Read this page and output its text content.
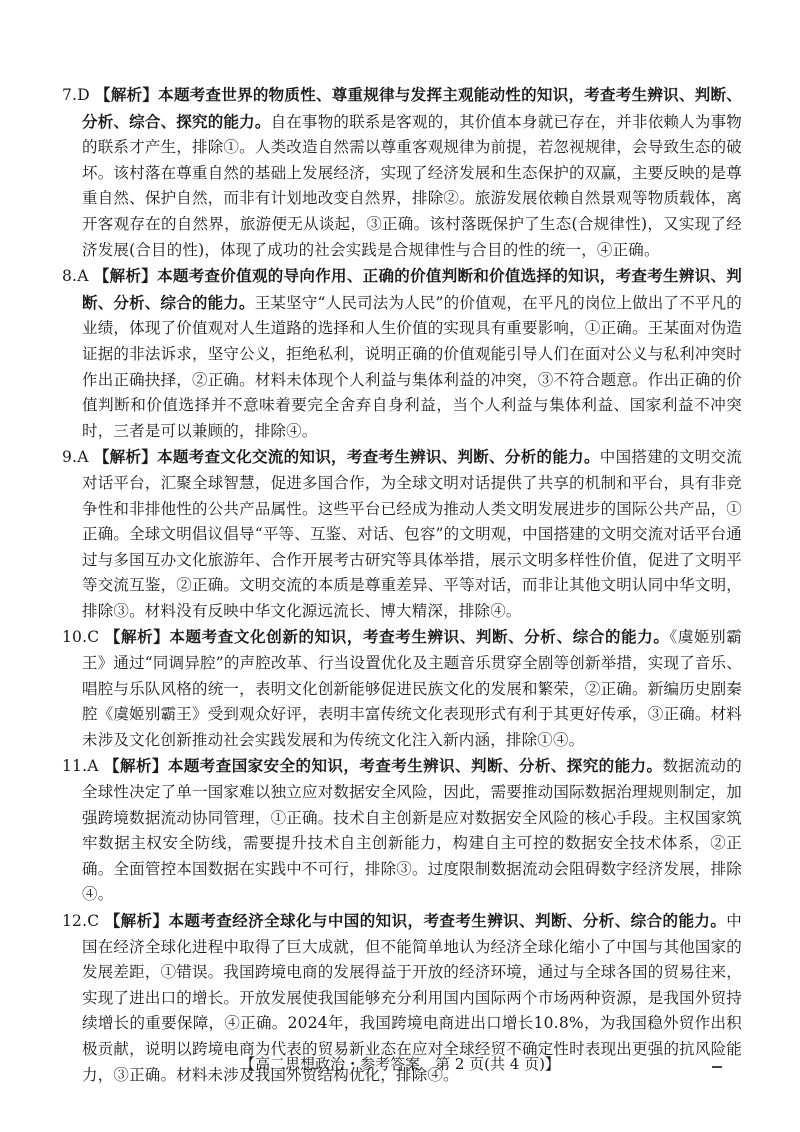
7.D 【解析】本题考查世界的物质性、尊重规律与发挥主观能动性的知识，考查考生辨识、判断、分析、综合、探究的能力。自在事物的联系是客观的，其价值本身就已存在，并非依赖人为事物的联系才产生，排除①。人类改造自然需以尊重客观规律为前提，若忽视规律，会导致生态的破坏。该村落在尊重自然的基础上发展经济，实现了经济发展和生态保护的双赢，主要反映的是尊重自然、保护自然，而非有计划地改变自然界，排除②。旅游发展依赖自然景观等物质载体，离开客观存在的自然界，旅游便无从谈起，③正确。该村落既保护了生态(合规律性)，又实现了经济发展(合目的性)，体现了成功的社会实践是合规律性与合目的性的统一，④正确。

8.A 【解析】本题考查价值观的导向作用、正确的价值判断和价值选择的知识，考查考生辨识、判断、分析、综合的能力。王某坚守“人民司法为人民”的价值观，在平凡的岗位上做出了不平凡的业绩，体现了价值观对人生道路的选择和人生价值的实现具有重要影响，①正确。王某面对伪造证据的非法诉求，坚守公义，拒绝私利，说明正确的价值观能引导人们在面对公义与私利冲突时作出正确抉择，②正确。材料未体现个人利益与集体利益的冲突，③不符合题意。作出正确的价值判断和价值选择并不意味着要完全舍弃自身利益，当个人利益与集体利益、国家利益不冲突时，三者是可以兼顾的，排除④。

9.A 【解析】本题考查文化交流的知识，考查考生辨识、判断、分析的能力。中国搭建的文明交流对话平台，汇聚全球智慧，促进多国合作，为全球文明对话提供了共享的机制和平台，具有非竞争性和非排他性的公共产品属性。这些平台已经成为推动人类文明发展进步的国际公共产品，①正确。全球文明倡议倡导“平等、互鉴、对话、包容”的文明观，中国搭建的文明交流对话平台通过与多国互办文化旅游年、合作开展考古研究等具体举措，展示文明多样性价值，促进了文明平等交流互鉴，②正确。文明交流的本质是尊重差异、平等对话，而非让其他文明认同中华文明，排除③。材料没有反映中华文化源远流长、博大精深，排除④。

10.C 【解析】本题考查文化创新的知识，考查考生辨识、判断、分析、综合的能力。《虞姬别霸王》通过“同调异腔”的声腔改革、行当设置优化及主题音乐贯穿全剧等创新举措，实现了音乐、唱腔与乐队风格的统一，表明文化创新能够促进民族文化的发展和繁荣，②正确。新编历史剧秦腔《虞姬别霸王》受到观众好评，表明丰富传统文化表现形式有利于其更好传承，③正确。材料未涉及文化创新推动社会实践发展和为传统文化注入新内涵，排除①④。

11.A 【解析】本题考查国家安全的知识，考查考生辨识、判断、分析、探究的能力。数据流动的全球性决定了单一国家难以独立应对数据安全风险，因此，需要推动国际数据治理规则制定，加强跨境数据流动协同管理，①正确。技术自主创新是应对数据安全风险的核心手段。主权国家筑牢数据主权安全防线，需要提升技术自主创新能力，构建自主可控的数据安全技术体系，②正确。全面管控本国数据在实践中不可行，排除③。过度限制数据流动会阻碍数字经济发展，排除④。

12.C 【解析】本题考查经济全球化与中国的知识，考查考生辨识、判断、分析、综合的能力。中国在经济全球化进程中取得了巨大成就，但不能简单地认为经济全球化缩小了中国与其他国家的发展差距，①错误。我国跨境电商的发展得益于开放的经济环境，通过与全球各国的贸易往来，实现了进出口的增长。开放发展使我国能够充分利用国内国际两个市场两种资源，是我国外贸持续增长的重要保障，④正确。2024年，我国跨境电商进出口增长10.8%，为我国稳外贸作出积极贡献，说明以跨境电商为代表的贸易新业态在应对全球经贸不确定性时表现出更强的抗风险能力，③正确。材料未涉及我国外贸结构优化，排除④。

【高二思想政治・参考答案　第 2 页(共 4 页)】
